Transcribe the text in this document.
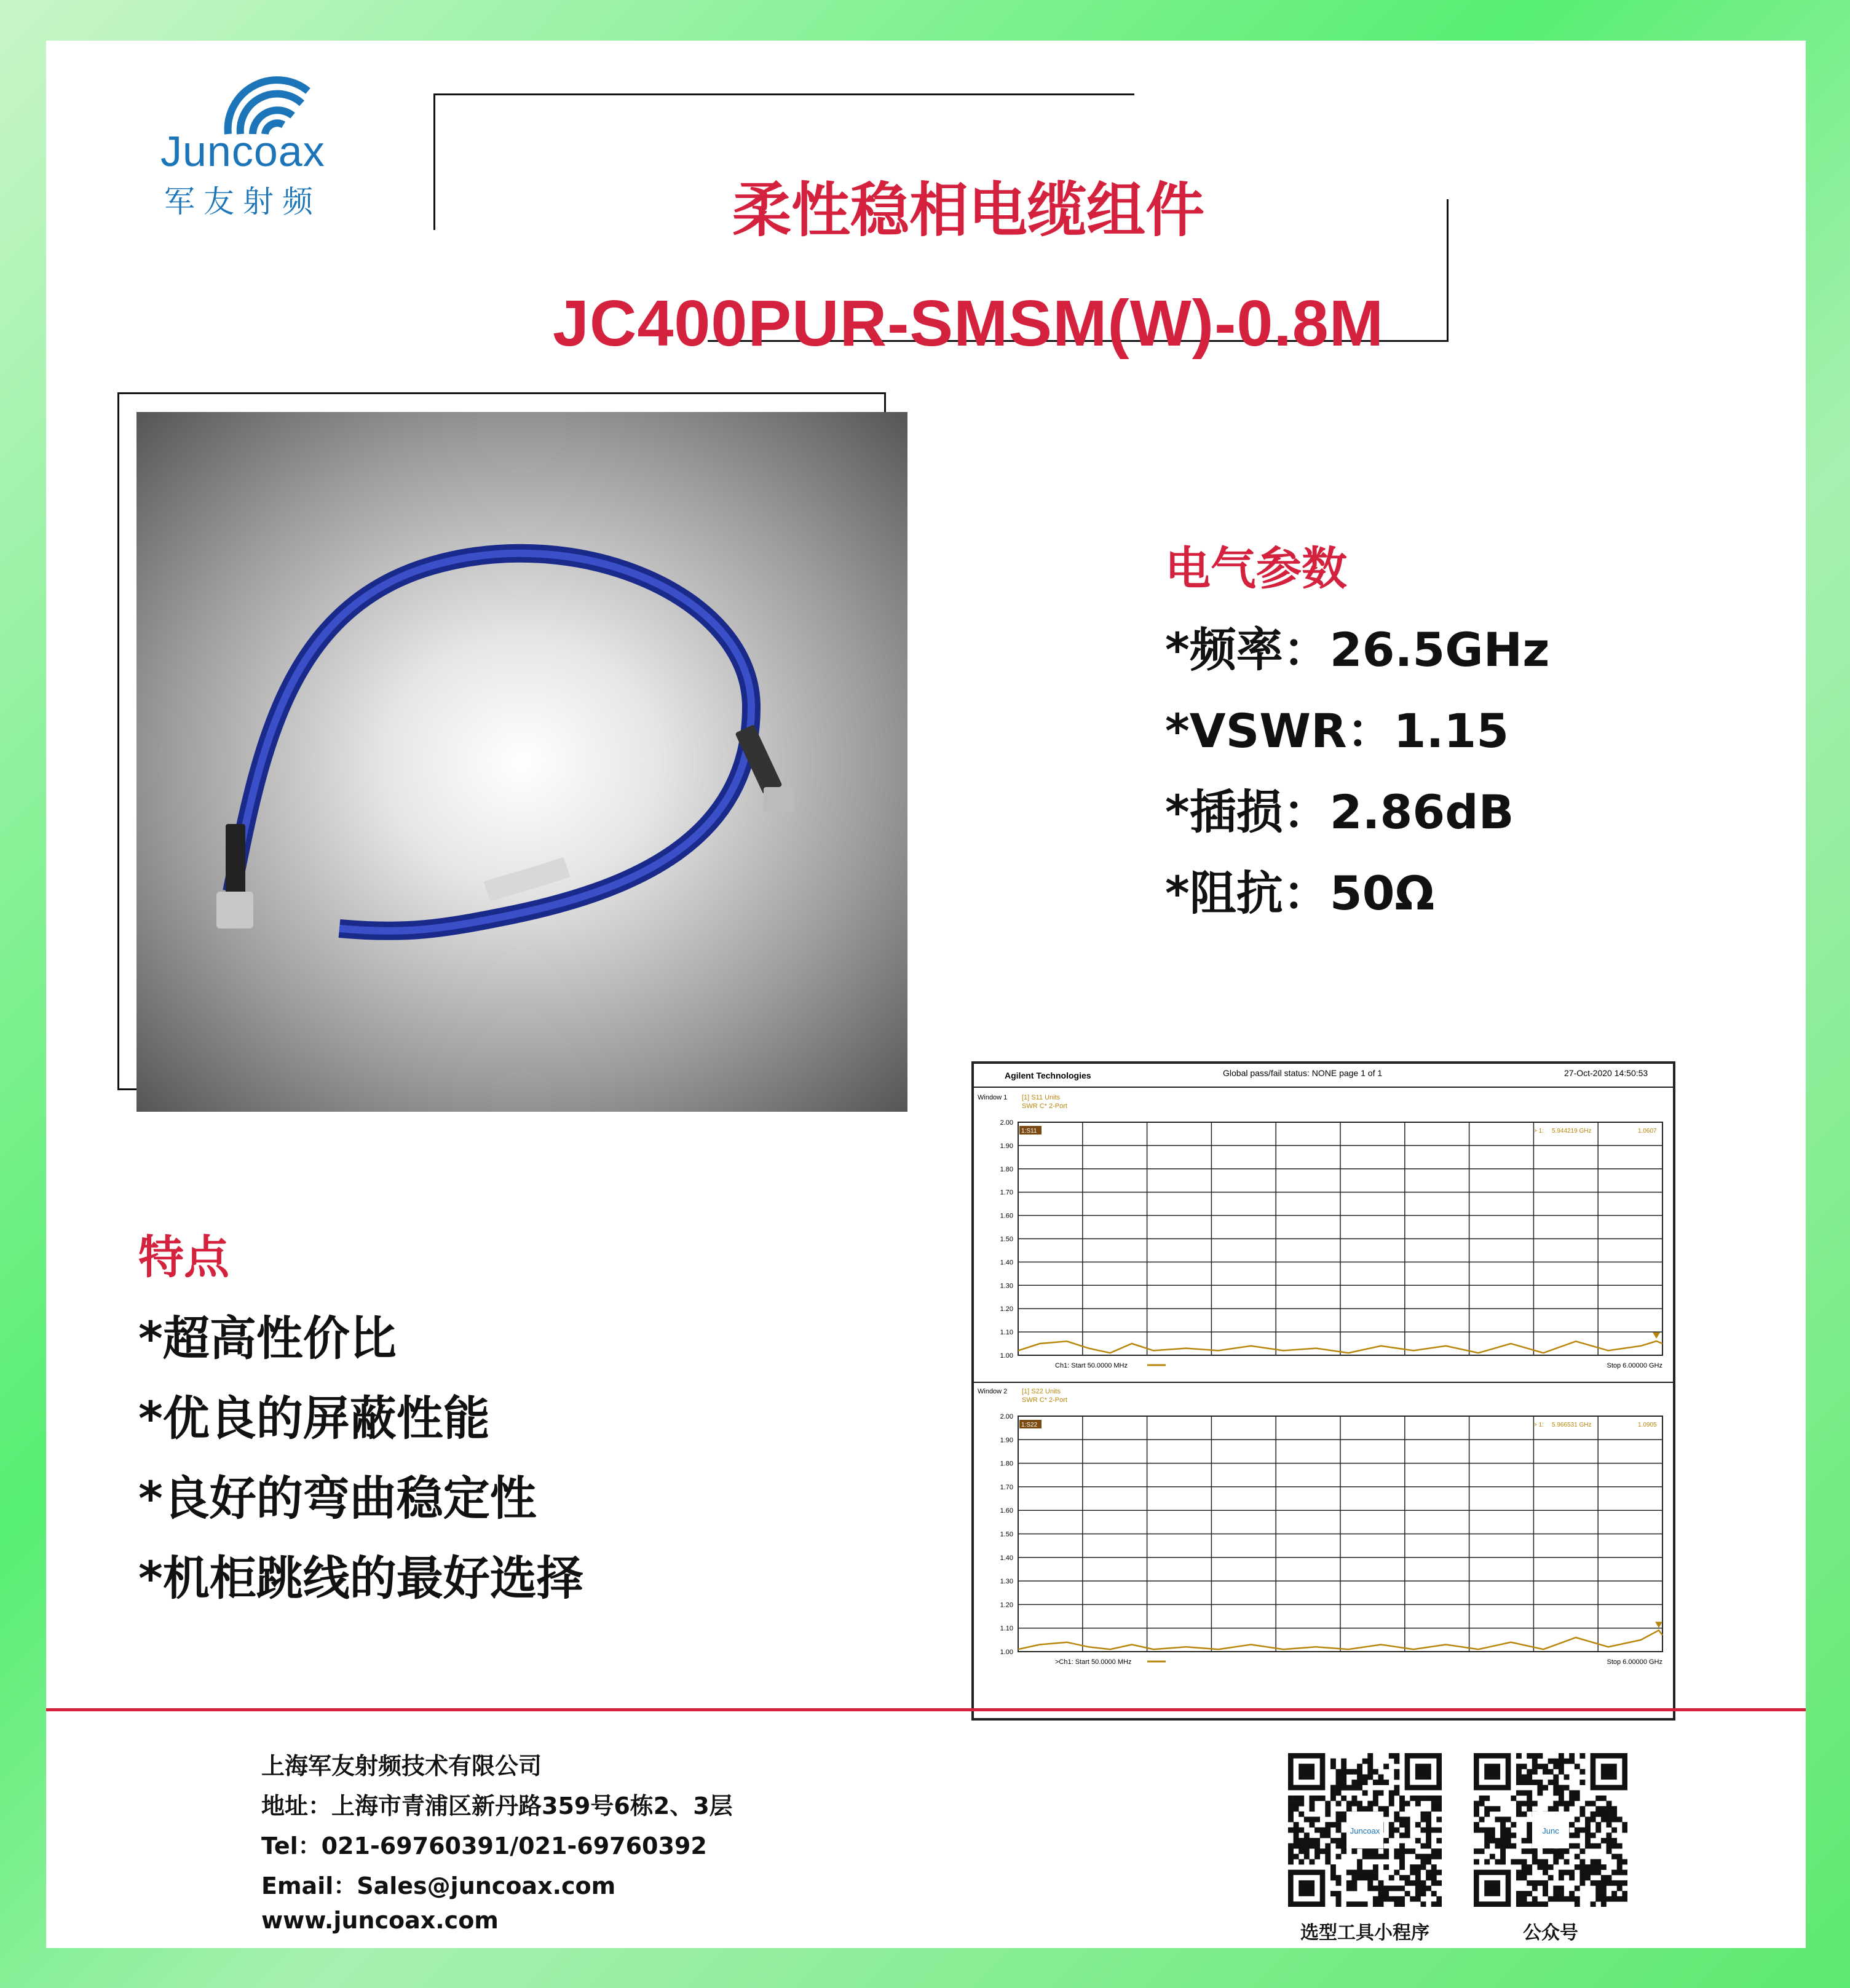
Juncoax
军友射频	柔性稳相电缆组件
JC400PUR-SMSM(W)-0.8M
电气参数
*频率：26.5GHz
*VSWR：1.15
*插损：2.86dB
*阻抗：50Ω
Agilent Technologies	Global pass/fail status: NONE page 1 of 1	27-Oct-2020 14:50:53
Window 1 [1] S11 Units
SWR C* 2-Port
2.00
1.90
1.80
1.70
1.60
1.50
1.40
1.30
1.20
1.10
1.00
1:S11	> 1: 5.944219 GHz	1.0607
Ch1: Start 50.0000 MHz	Stop 6.00000 GHz
Window 2 [1] S22 Units
SWR C* 2-Port
2.00
1.90
1.80
1.70
1.60
1.50
1.40
1.30
1.20
1.10
1.00
1:S22	> 1: 5.966531 GHz	1.0905
>Ch1: Start 50.0000 MHz	Stop 6.00000 GHz
特点
*超高性价比
*优良的屏蔽性能
*良好的弯曲稳定性
*机柜跳线的最好选择
上海军友射频技术有限公司
地址：上海市青浦区新丹路359号6栋2、3层
Tel：021-69760391/021-69760392
Email：Sales@juncoax.com
www.juncoax.com
Juncoax
选型工具小程序
Junc
公众号
